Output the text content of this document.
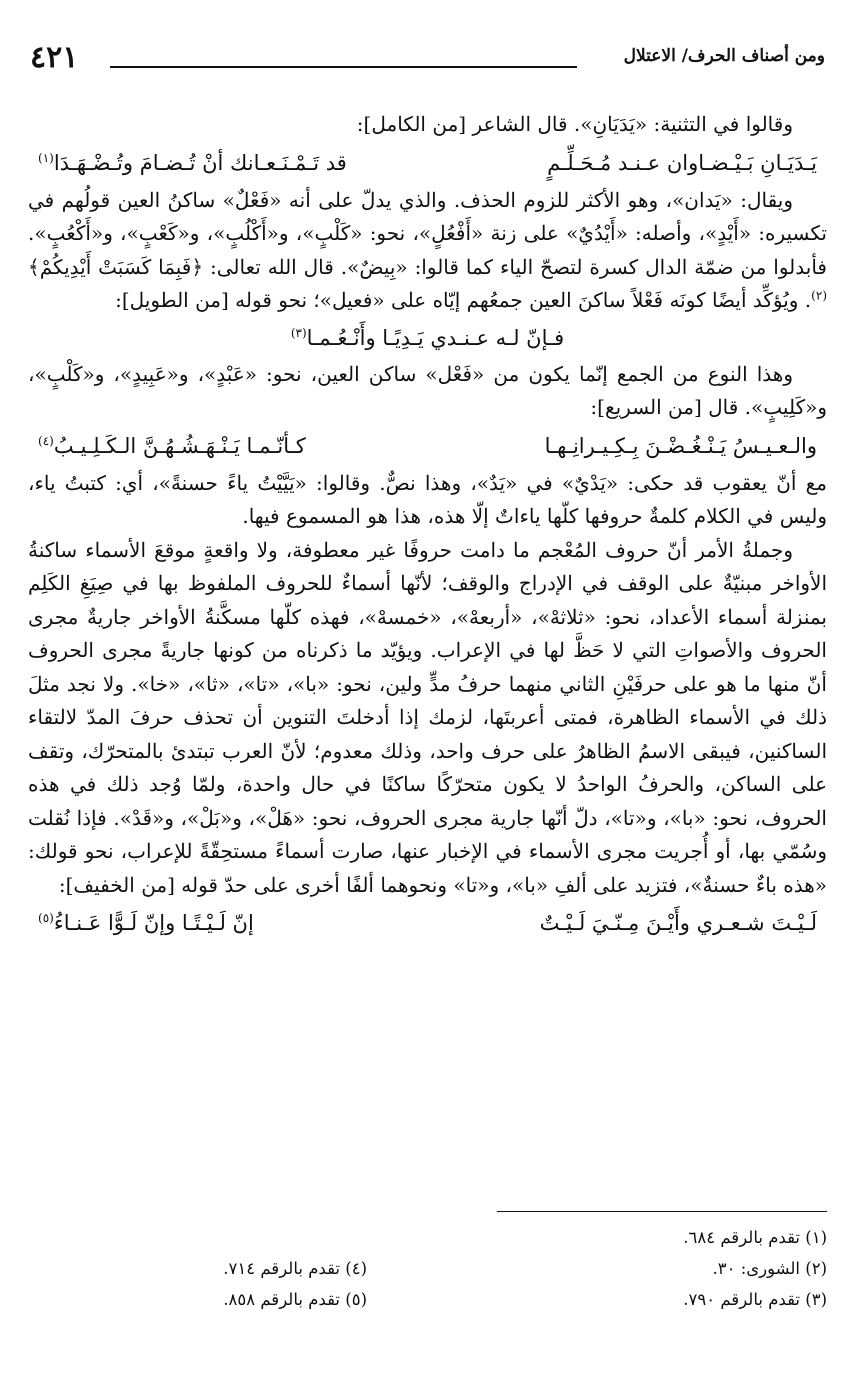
ومن أصناف الحرف/ الاعتلال
٤٢١

وقالوا في التثنية: «يَدَيَانِ». قال الشاعر [من الكامل]:

يَـدَيَـانِ بَـيْـضـاوان عـنـد مُـحَـلِّـمٍ
قد تَـمْـنَـعـانك أنْ تُـضـامَ وتُـضْـهَـدَا$^{(١)}$

ويقال: «يَدان»، وهو الأكثر للزوم الحذف. والذي يدلّ على أنه «فَعْلٌ» ساكنُ العين قولُهم في تكسيره: «أَيْدٍ»، وأصله: «أَيْدُيٌ» على زنة «أَفْعُلٍ»، نحو: «كَلْبٍ»، و«أَكْلُبٍ»، و«كَعْبٍ»، و«أَكْعُبٍ». فأبدلوا من ضمّة الدال كسرة لتصحّ الياء كما قالوا: «بِيضٌ». قال الله تعالى: ﴿فَبِمَا كَسَبَتْ أَيْدِيكُمْ﴾$^{(٢)}$. ويُؤكِّد أيضًا كونَه فَعْلاً ساكنَ العين جمعُهم إيّاه على «فعيل»؛ نحو قوله [من الطويل]:

فـإنّ لـه عـنـدي يَـدِيًـا وأَنْـعُـمـا$^{(٣)}$

وهذا النوع من الجمع إنّما يكون من «فَعْل» ساكن العين، نحو: «عَبْدٍ»، و«عَبِيدٍ»، و«كَلْبٍ»، و«كَلِيبٍ». قال [من السريع]:

والـعـيـسُ يَـنْـغُـضْـنَ بِـكِـيـرانِـهـا
كـأنّـمـا يَـنْـهَـشُـهُـنَّ الـكَـلِـيـبُ$^{(٤)}$

مع أنّ يعقوب قد حكى: «يَدْيٌ» في «يَدٌ»، وهذا نصٌّ. وقالوا: «يَيَّيْتُ ياءً حسنةً»، أي: كتبتُ ياء، وليس في الكلام كلمةٌ حروفها كلّها ياءاتٌ إلّا هذه، هذا هو المسموع فيها.

وجملةُ الأمر أنّ حروف المُعْجم ما دامت حروفًا غير معطوفة، ولا واقعةٍ موقعَ الأسماء ساكنةُ الأواخر مبنيّةٌ على الوقف في الإدراج والوقف؛ لأنّها أسماءٌ للحروف الملفوظ بها في صِيَغِ الكَلِم بمنزلة أسماء الأعداد، نحو: «ثلاثهْ»، «أربعهْ»، «خمسهْ»، فهذه كلّها مسكَّنةُ الأواخر جاريةٌ مجرى الحروف والأصواتِ التي لا حَظَّ لها في الإعراب. ويؤيّد ما ذكرناه من كونها جاريةً مجرى الحروف أنّ منها ما هو على حرفَيْنِ الثاني منهما حرفُ مدٍّ ولين، نحو: «با»، «تا»، «ثا»، «خا». ولا نجد مثلَ ذلك في الأسماء الظاهرة، فمتى أعربتَها، لزمك إذا أدخلتَ التنوين أن تحذف حرفَ المدّ لالتقاء الساكنين، فيبقى الاسمُ الظاهرُ على حرف واحد، وذلك معدوم؛ لأنّ العرب تبتدئ بالمتحرّك، وتقف على الساكن، والحرفُ الواحدُ لا يكون متحرّكًا ساكنًا في حال واحدة، ولمّا وُجد ذلك في هذه الحروف، نحو: «با»، و«تا»، دلّ أنّها جارية مجرى الحروف، نحو: «هَلْ»، و«بَلْ»، و«قَدْ». فإذا نُقلت وسُمّي بها، أو أُجريت مجرى الأسماء في الإخبار عنها، صارت أسماءً مستحِقّةً للإعراب، نحو قولك: «هذه باءٌ حسنةٌ»، فتزيد على ألفِ «با»، و«تا» ونحوهما ألفًا أخرى على حدّ قوله [من الخفيف]:

لَـيْـتَ شـعـري وأَيْـنَ مِـنّـيَ لَـيْـتٌ
إنّ لَـيْـتًـا وإنّ لَـوًّا عَـنـاءُ$^{(٥)}$
(١) تقدم بالرقم ٦٨٤.
(٢) الشورى: ٣٠.
(٤) تقدم بالرقم ٧١٤.
(٣) تقدم بالرقم ٧٩٠.
(٥) تقدم بالرقم ٨٥٨.
